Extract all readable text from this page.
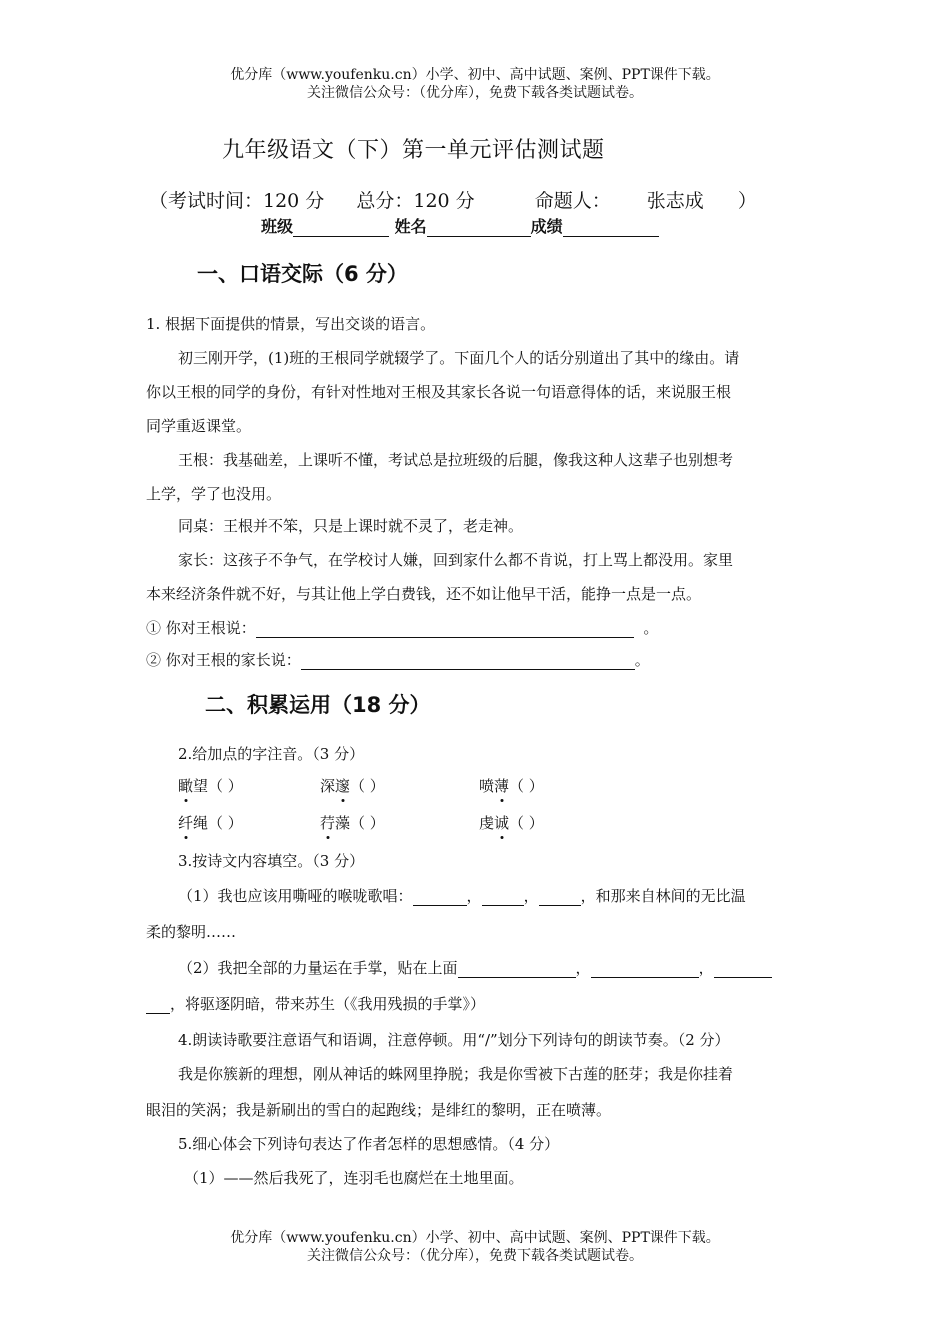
优分库（www.youfenku.cn）小学、初中、高中试题、案例、PPT课件下载。
关注微信公众号：（优分库），免费下载各类试题试卷。
九年级语文（下）第一单元评估测试题
（考试时间：120 分 总分：120 分	命题人： 张志成 ）
班级	姓名	成绩
一、口语交际（6 分）
1. 根据下面提供的情景，写出交谈的语言。
初三刚开学，(1)班的王根同学就辍学了。下面几个人的话分别道出了其中的缘由。请
你以王根的同学的身份，有针对性地对王根及其家长各说一句语意得体的话，来说服王根
同学重返课堂。
王根：我基础差，上课听不懂，考试总是拉班级的后腿，像我这种人这辈子也别想考
上学，学了也没用。
同桌：王根并不笨，只是上课时就不灵了，老走神。
家长：这孩子不争气，在学校讨人嫌，回到家什么都不肯说，打上骂上都没用。家里
本来经济条件就不好，与其让他上学白费钱，还不如让他早干活，能挣一点是一点。
① 你对王根说：	。
② 你对王根的家长说：	。
二、积累运用（18 分）
2.给加点的字注音。（3 分）
瞰望（ ）	深邃（ ）	喷薄（ ）
纤绳（ ）	荇藻（ ）	虔诚（ ）
3.按诗文内容填空。（3 分）
（1）我也应该用嘶哑的喉咙歌唱：	，	，	，和那来自林间的无比温
柔的黎明……
（2）我把全部的力量运在手掌，贴在上面	，	，
，将驱逐阴暗，带来苏生（《我用残损的手掌》）
4.朗读诗歌要注意语气和语调，注意停顿。用“/”划分下列诗句的朗读节奏。（2 分）
我是你簇新的理想，刚从神话的蛛网里挣脱；我是你雪被下古莲的胚芽；我是你挂着
眼泪的笑涡；我是新刷出的雪白的起跑线；是绯红的黎明，正在喷薄。
5.细心体会下列诗句表达了作者怎样的思想感情。（4 分）
（1）——然后我死了，连羽毛也腐烂在土地里面。
优分库（www.youfenku.cn）小学、初中、高中试题、案例、PPT课件下载。
关注微信公众号：（优分库），免费下载各类试题试卷。
